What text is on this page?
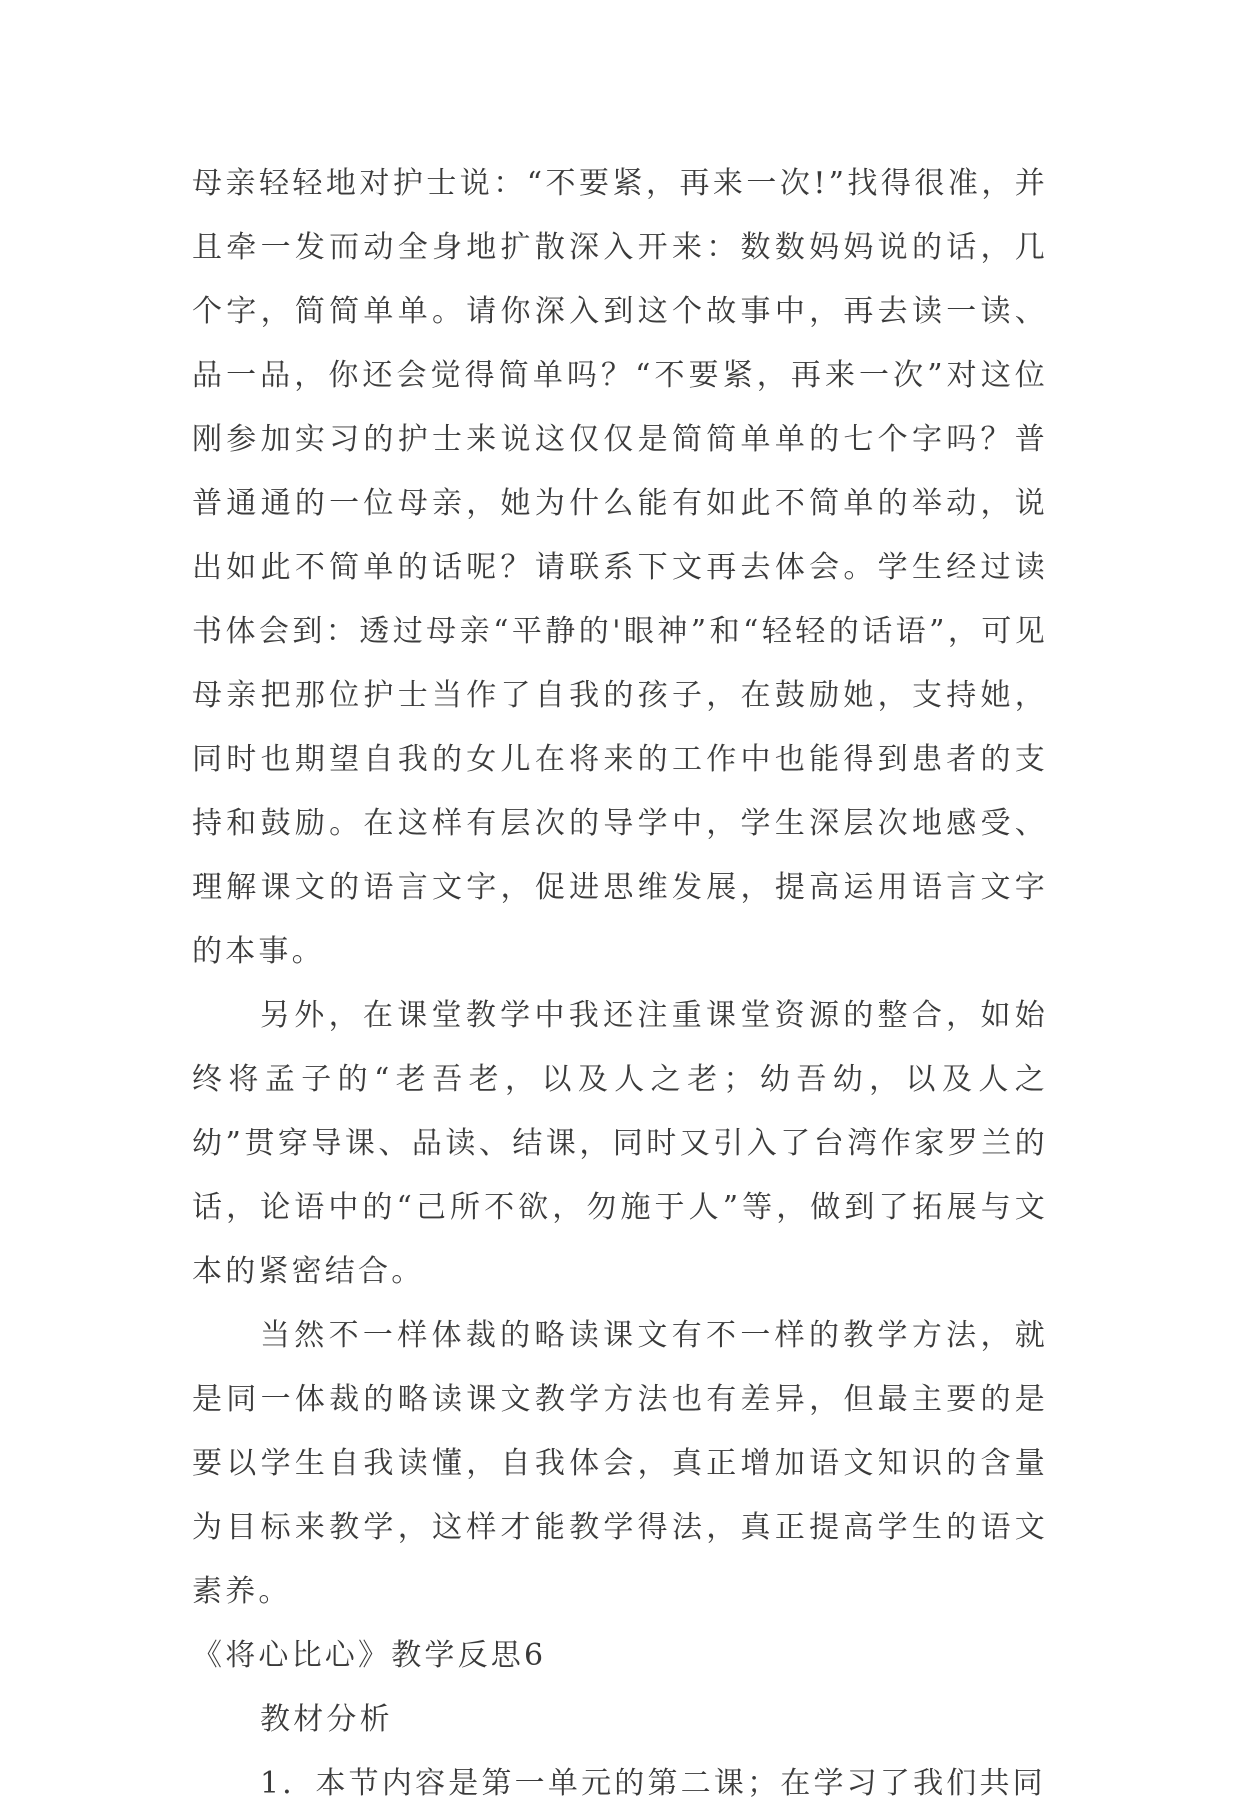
母亲轻轻地对护士说：“不要紧，再来一次!”找得很准，并且牵一发而动全身地扩散深入开来：数数妈妈说的话，几个字，简简单单。请你深入到这个故事中，再去读一读、品一品，你还会觉得简单吗？“不要紧，再来一次”对这位刚参加实习的护士来说这仅仅是简简单单的七个字吗？普普通通的一位母亲，她为什么能有如此不简单的举动，说出如此不简单的话呢？请联系下文再去体会。学生经过读书体会到：透过母亲“平静的'眼神”和“轻轻的话语”，可见母亲把那位护士当作了自我的孩子，在鼓励她，支持她，同时也期望自我的女儿在将来的工作中也能得到患者的支持和鼓励。在这样有层次的导学中，学生深层次地感受、理解课文的语言文字，促进思维发展，提高运用语言文字的本事。

另外，在课堂教学中我还注重课堂资源的整合，如始终将孟子的“老吾老，以及人之老；幼吾幼，以及人之幼”贯穿导课、品读、结课，同时又引入了台湾作家罗兰的话，论语中的“己所不欲，勿施于人”等，做到了拓展与文本的紧密结合。

当然不一样体裁的略读课文有不一样的教学方法，就是同一体裁的略读课文教学方法也有差异，但最主要的是要以学生自我读懂，自我体会，真正增加语文知识的含量为目标来教学，这样才能教学得法，真正提高学生的语文素养。

《将心比心》教学反思6

教材分析

1．本节内容是第一单元的第二课；在学习了我们共同
